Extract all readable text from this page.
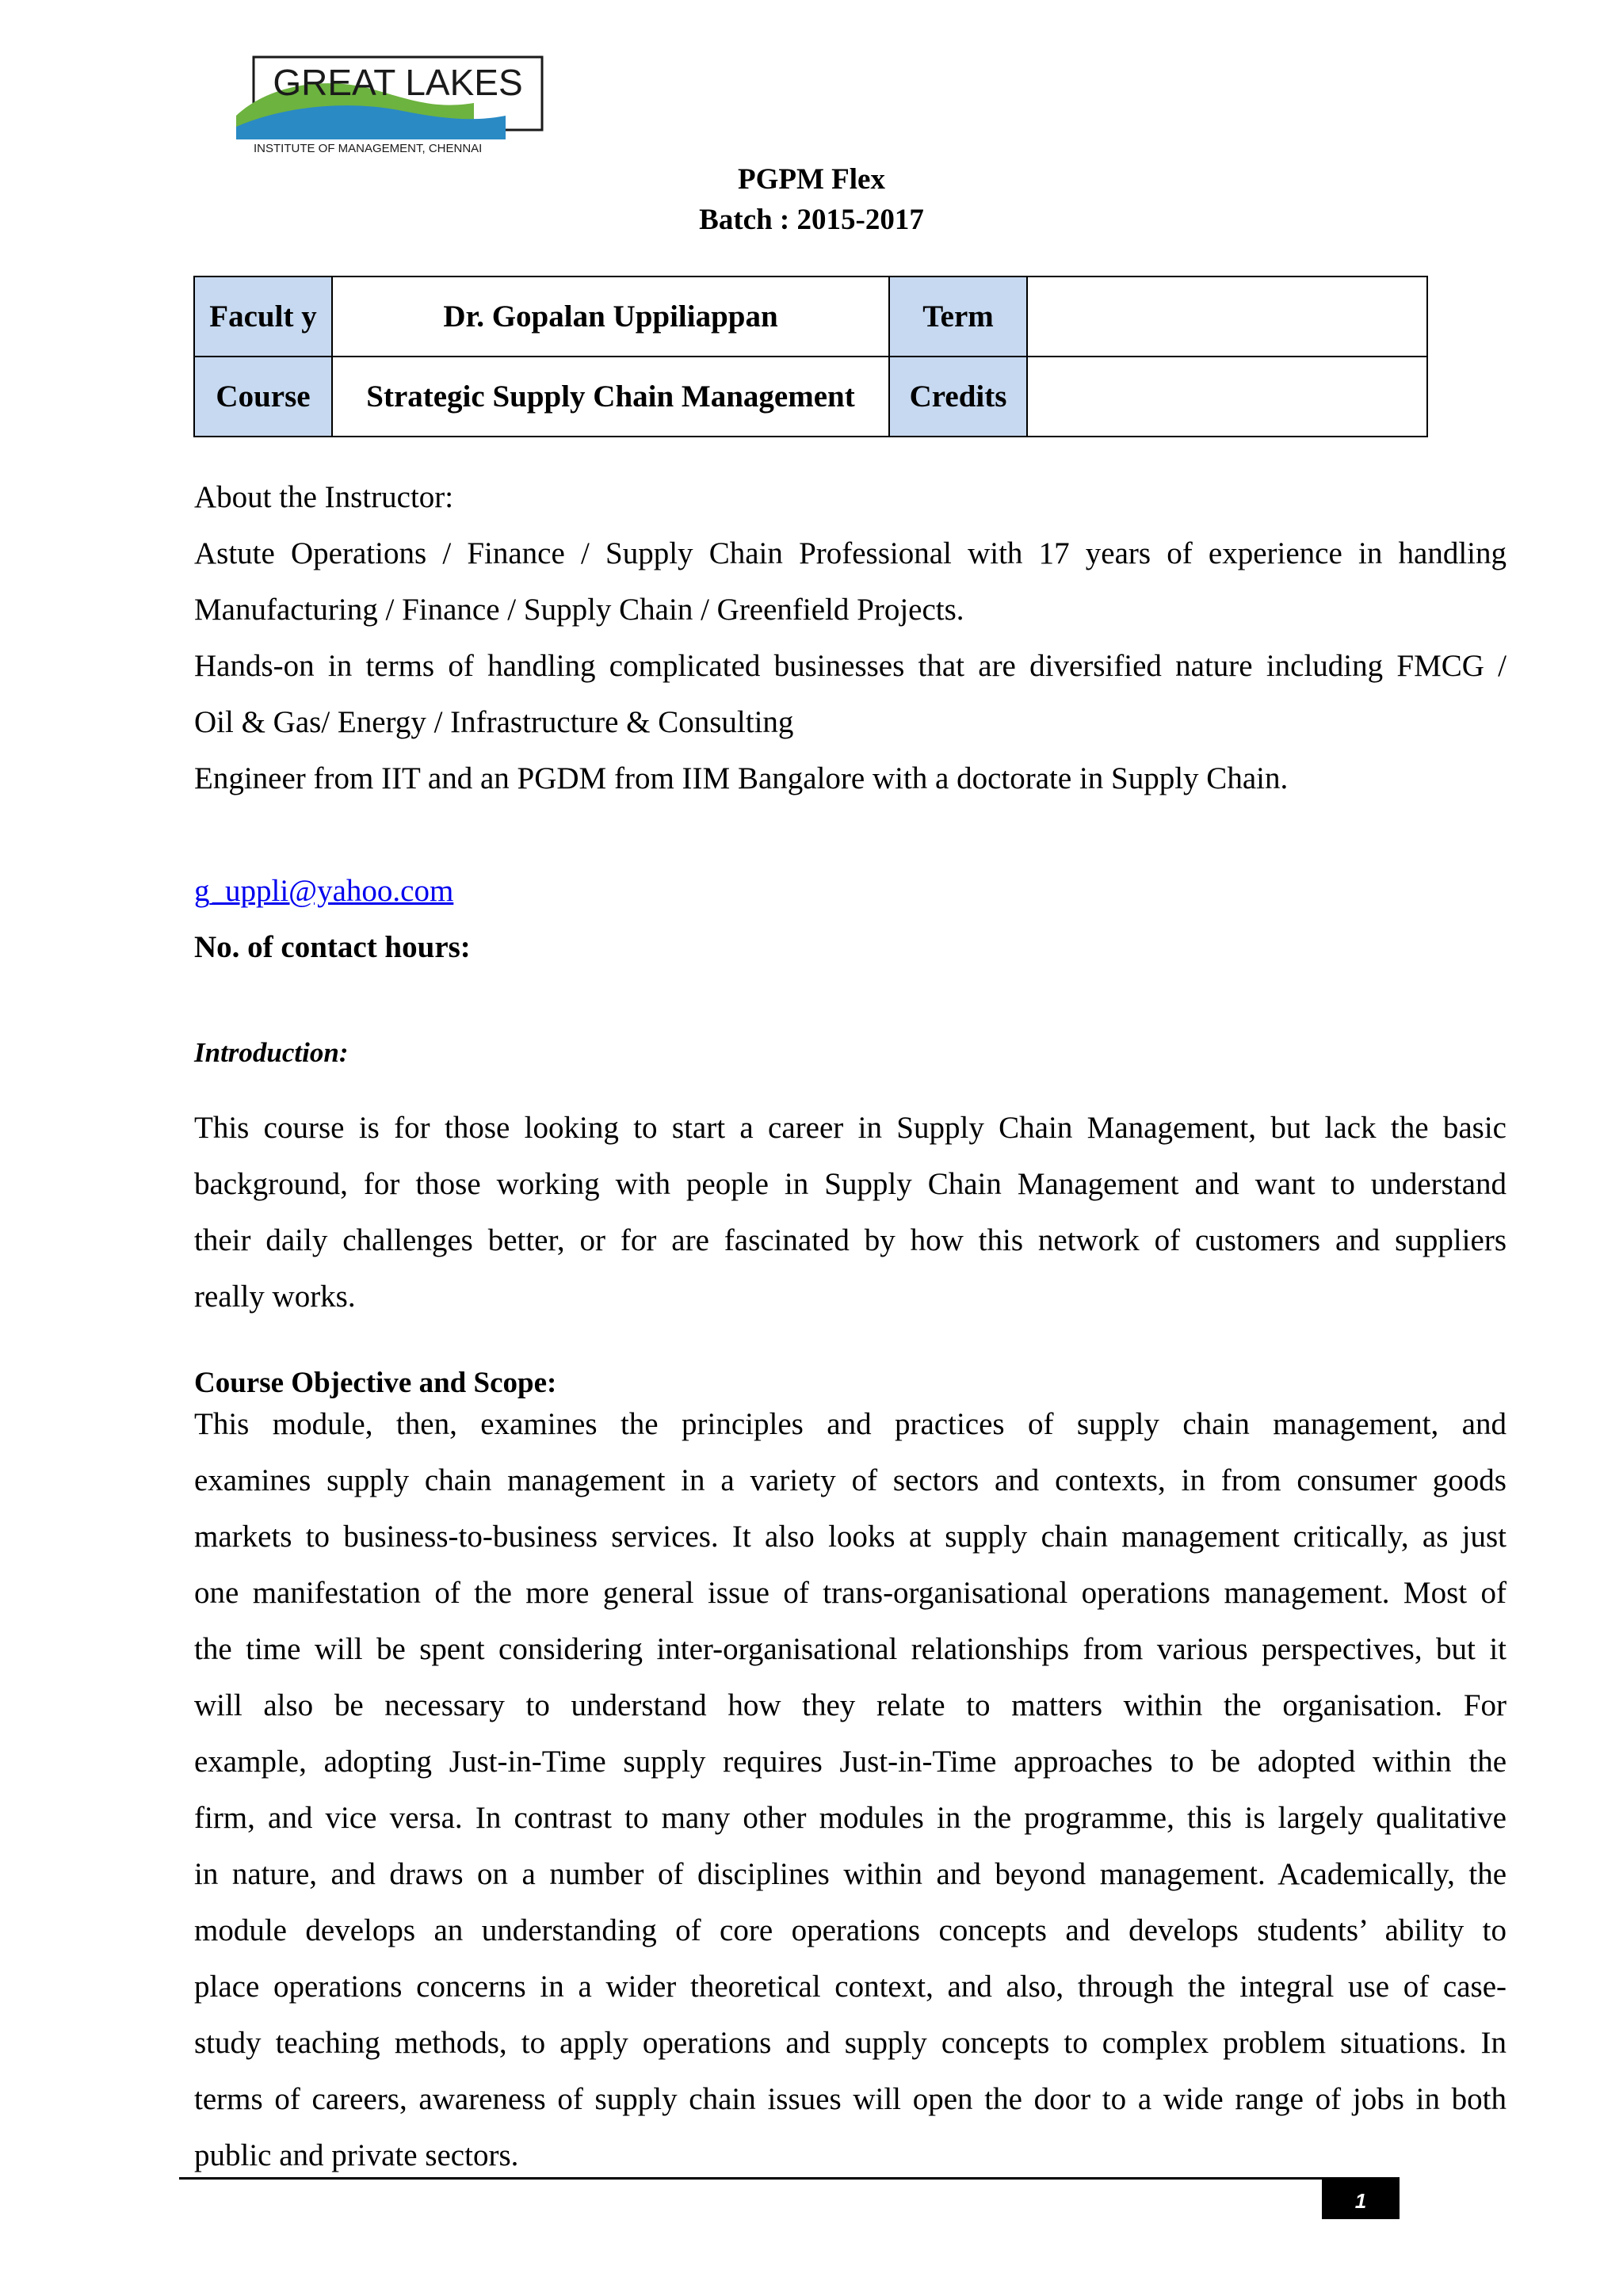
GREAT LAKES
INSTITUTE OF MANAGEMENT, CHENNAI
PGPM Flex
Batch : 2015-2017
Facult y	Dr. Gopalan Uppiliappan	Term	
Course	Strategic Supply Chain Management	Credits	
About the Instructor:
Astute Operations / Finance / Supply Chain Professional with 17 years of experience in handling
Manufacturing / Finance / Supply Chain / Greenfield Projects.
Hands-on in terms of handling complicated businesses that are diversified nature including FMCG /
Oil & Gas/ Energy / Infrastructure & Consulting
Engineer from IIT and an PGDM from IIM Bangalore with a doctorate in Supply Chain.
g_uppli@yahoo.com
No. of contact hours:
Introduction:
This course is for those looking to start a career in Supply Chain Management, but lack the basic
background, for those working with people in Supply Chain Management and want to understand
their daily challenges better, or for are fascinated by how this network of customers and suppliers
really works.
Course Objective and Scope:
This module, then, examines the principles and practices of supply chain management, and
examines supply chain management in a variety of sectors and contexts, in from consumer goods
markets to business-to-business services. It also looks at supply chain management critically, as just
one manifestation of the more general issue of trans-organisational operations management. Most of
the time will be spent considering inter-organisational relationships from various perspectives, but it
will also be necessary to understand how they relate to matters within the organisation. For
example, adopting Just-in-Time supply requires Just-in-Time approaches to be adopted within the
firm, and vice versa. In contrast to many other modules in the programme, this is largely qualitative
in nature, and draws on a number of disciplines within and beyond management. Academically, the
module develops an understanding of core operations concepts and develops students’ ability to
place operations concerns in a wider theoretical context, and also, through the integral use of case-
study teaching methods, to apply operations and supply concepts to complex problem situations. In
terms of careers, awareness of supply chain issues will open the door to a wide range of jobs in both
public and private sectors.
1
